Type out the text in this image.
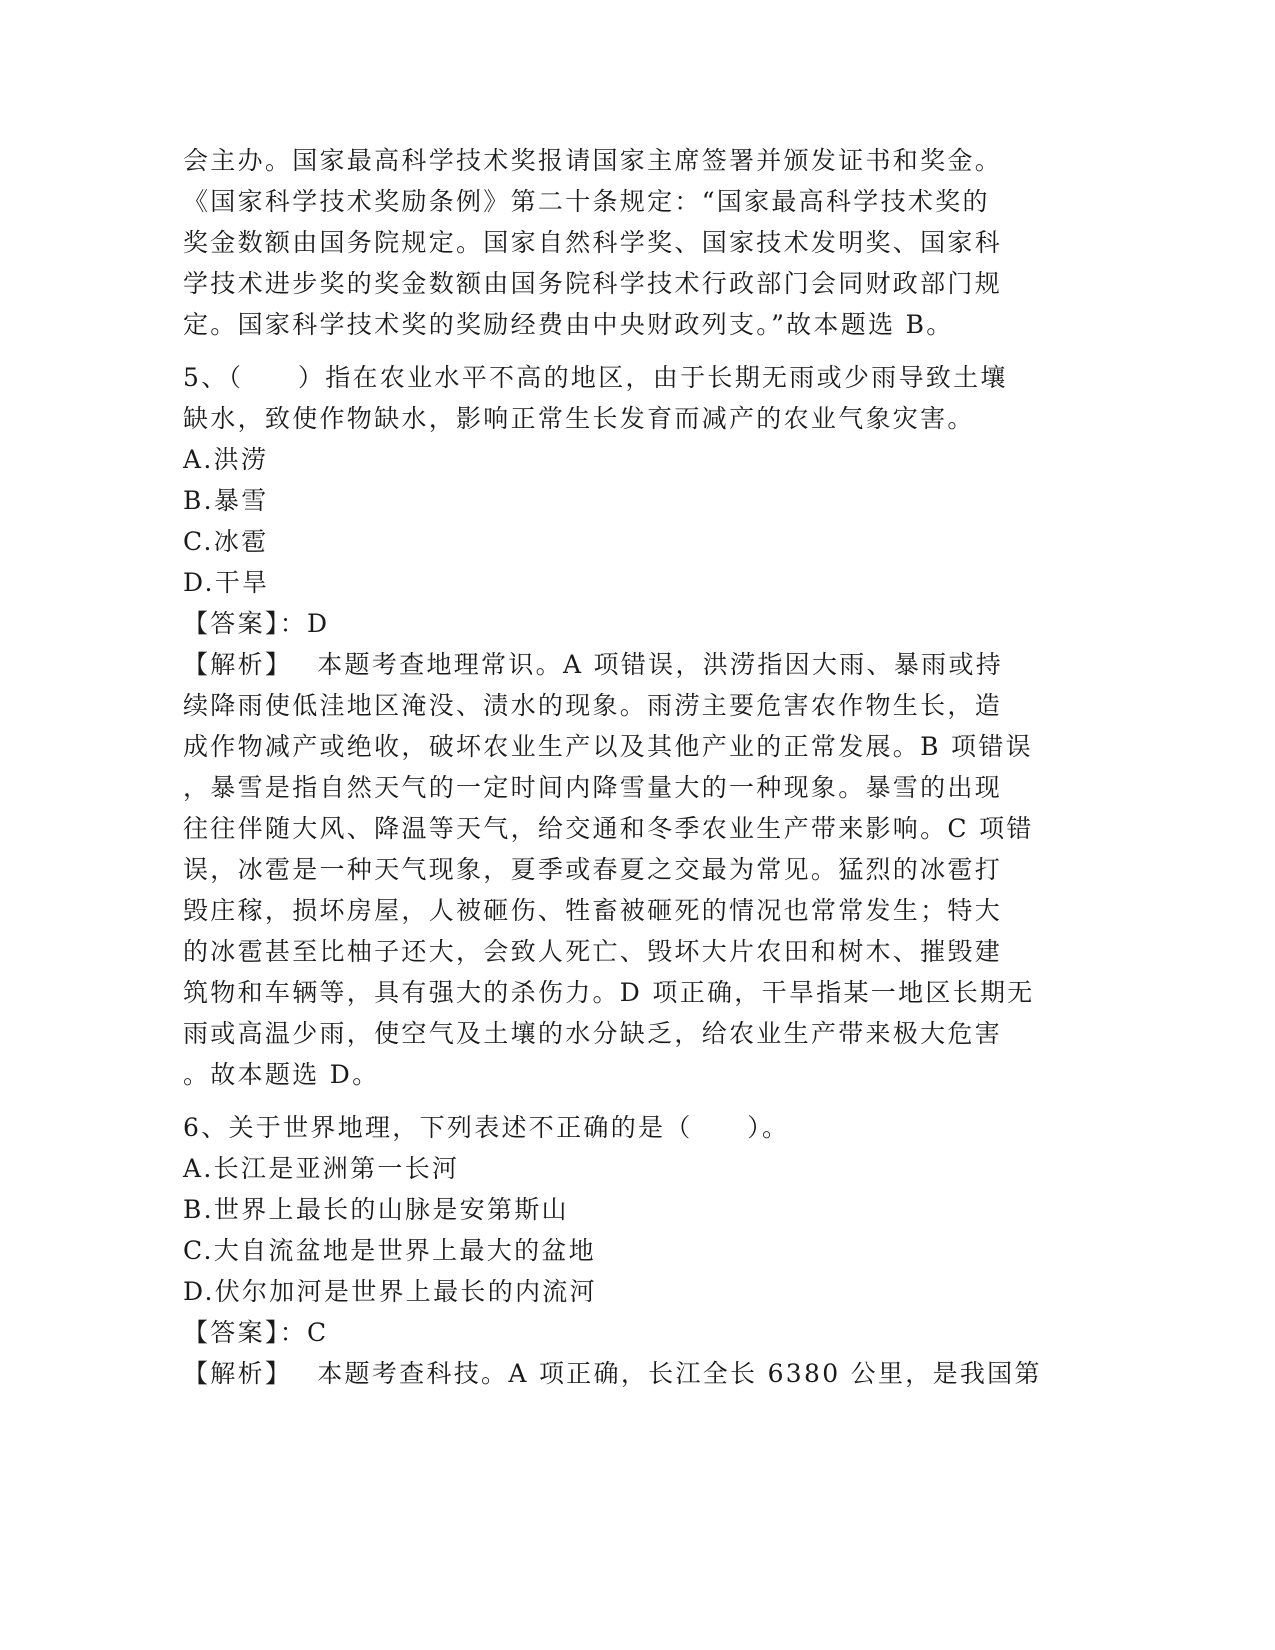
会主办。国家最高科学技术奖报请国家主席签署并颁发证书和奖金。
《国家科学技术奖励条例》第二十条规定：“国家最高科学技术奖的
奖金数额由国务院规定。国家自然科学奖、国家技术发明奖、国家科
学技术进步奖的奖金数额由国务院科学技术行政部门会同财政部门规
定。国家科学技术奖的奖励经费由中央财政列支。”故本题选 B。
5、（　　）指在农业水平不高的地区，由于长期无雨或少雨导致土壤
缺水，致使作物缺水，影响正常生长发育而减产的农业气象灾害。
A.洪涝
B.暴雪
C.冰雹
D.干旱
【答案】：D
【解析】　 本题考查地理常识。A 项错误，洪涝指因大雨、暴雨或持
续降雨使低洼地区淹没、渍水的现象。雨涝主要危害农作物生长，造
成作物减产或绝收，破坏农业生产以及其他产业的正常发展。B 项错误
，暴雪是指自然天气的一定时间内降雪量大的一种现象。暴雪的出现
往往伴随大风、降温等天气，给交通和冬季农业生产带来影响。C 项错
误，冰雹是一种天气现象，夏季或春夏之交最为常见。猛烈的冰雹打
毁庄稼，损坏房屋，人被砸伤、牲畜被砸死的情况也常常发生；特大
的冰雹甚至比柚子还大，会致人死亡、毁坏大片农田和树木、摧毁建
筑物和车辆等，具有强大的杀伤力。D 项正确，干旱指某一地区长期无
雨或高温少雨，使空气及土壤的水分缺乏，给农业生产带来极大危害
。故本题选 D。
6、关于世界地理，下列表述不正确的是（　　）。
A.长江是亚洲第一长河
B.世界上最长的山脉是安第斯山
C.大自流盆地是世界上最大的盆地
D.伏尔加河是世界上最长的内流河
【答案】：C
【解析】　 本题考查科技。A 项正确，长江全长 6380 公里，是我国第
